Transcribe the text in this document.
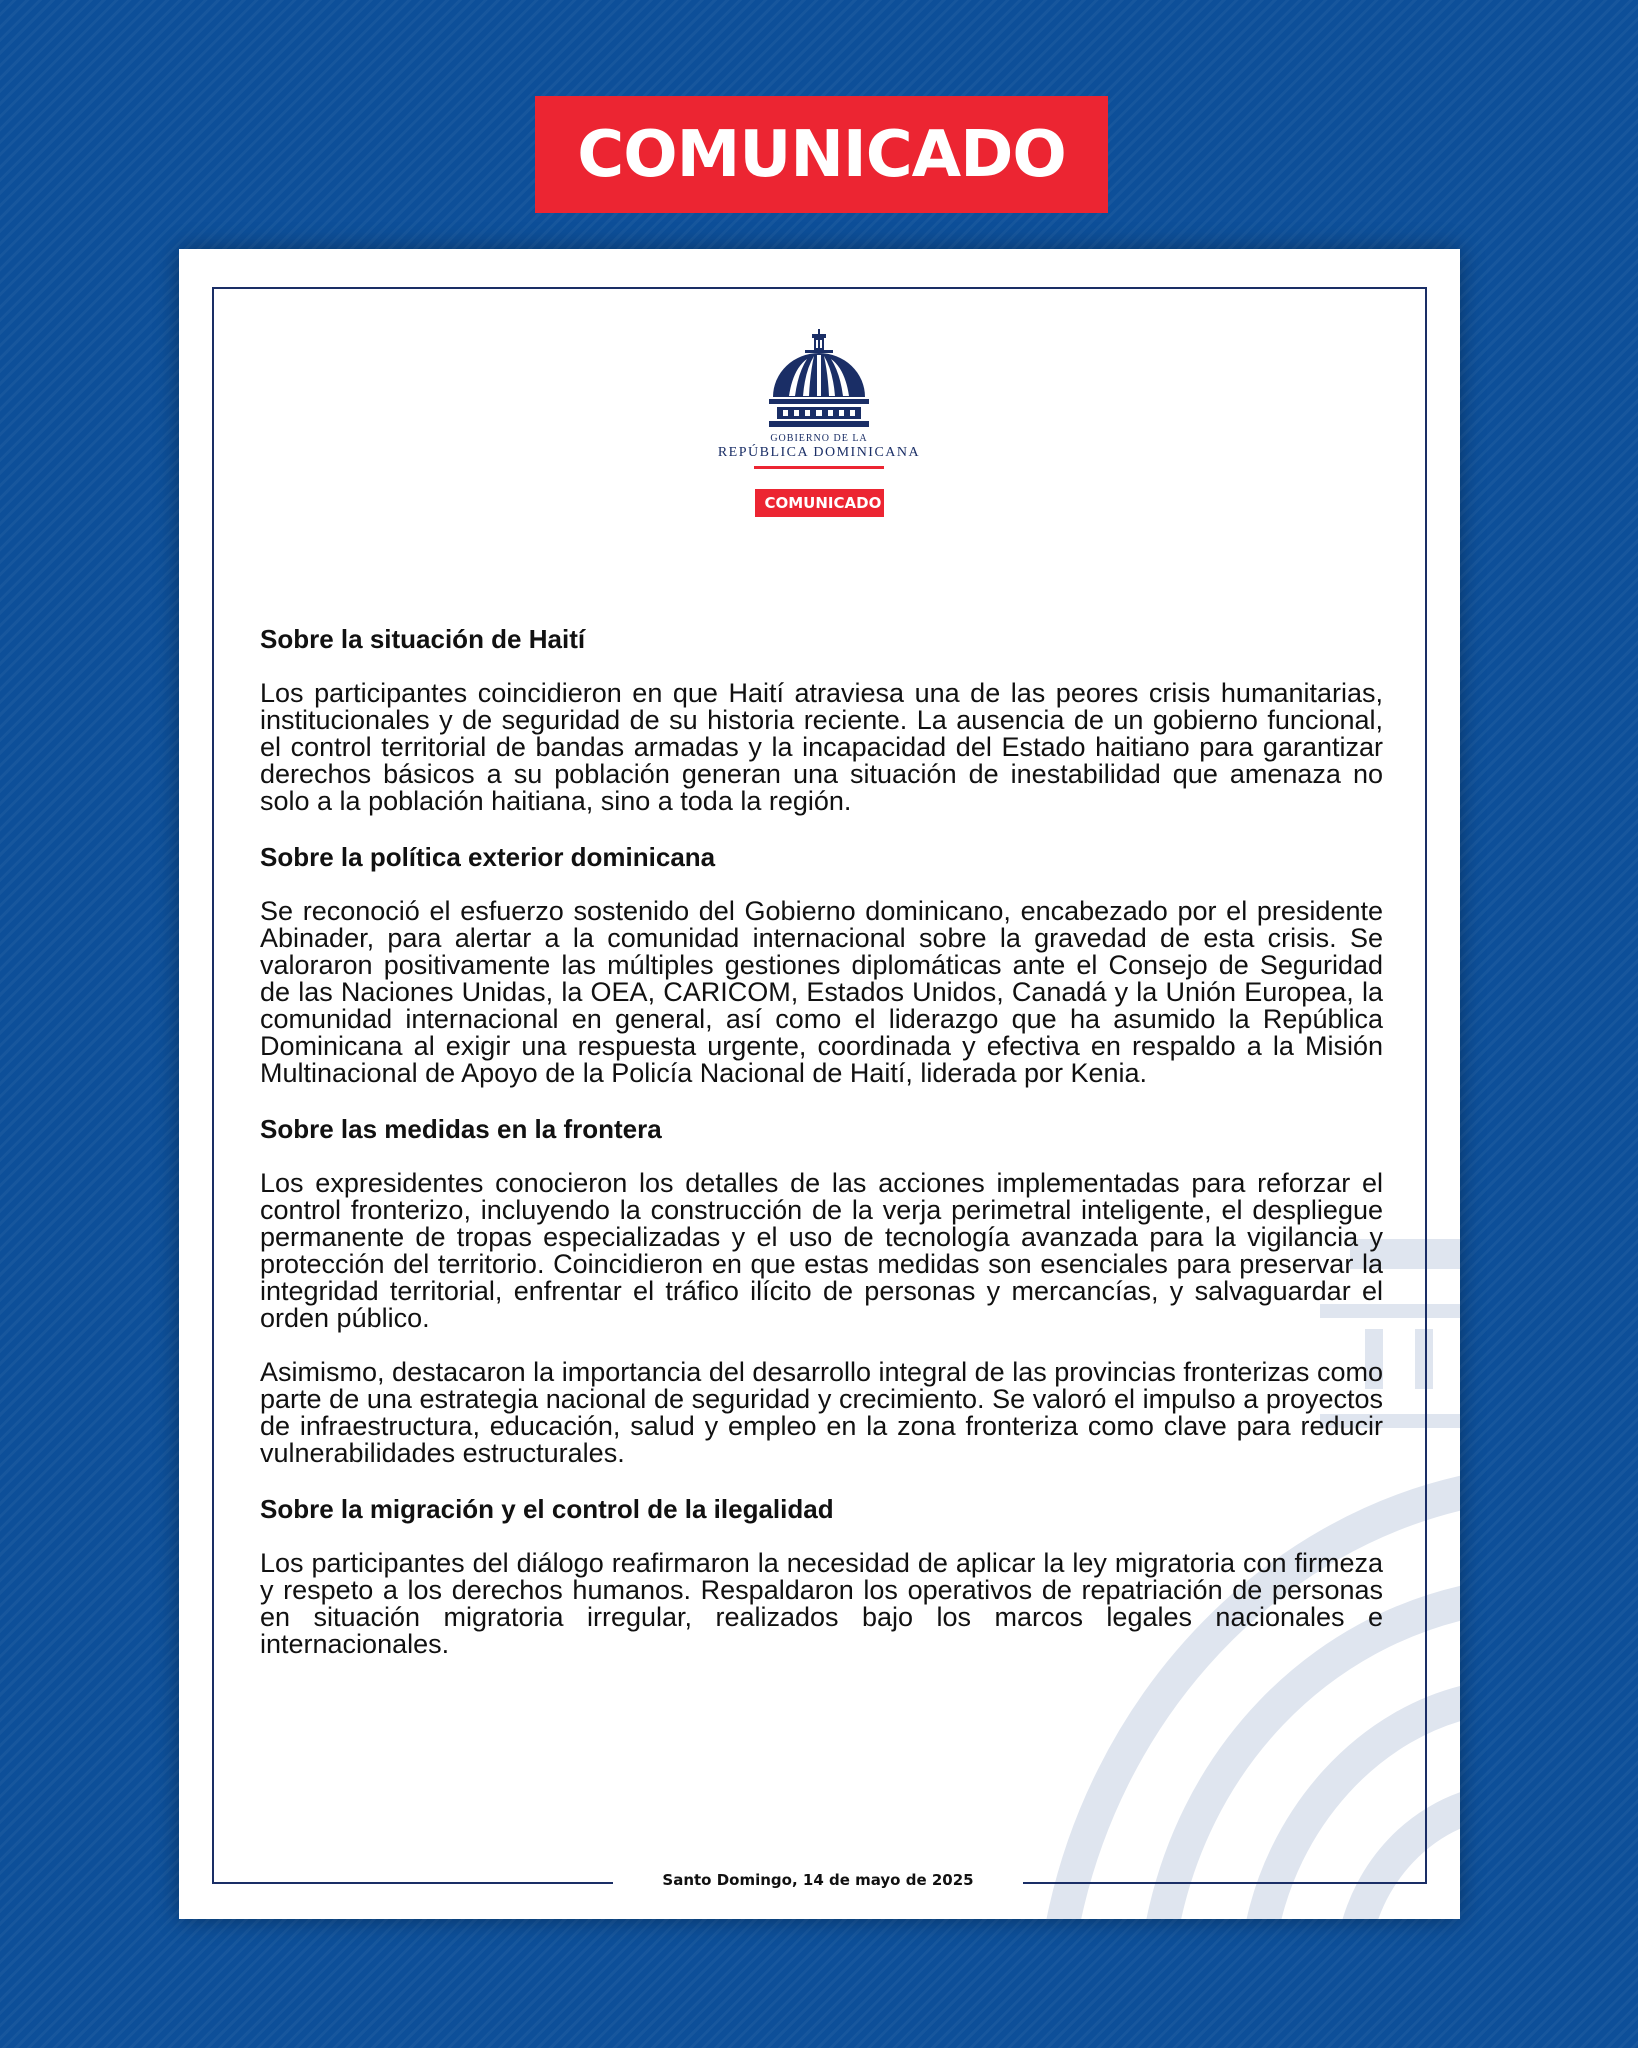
COMUNICADO
GOBIERNO DE LA
REPÚBLICA DOMINICANA
COMUNICADO
Sobre la situación de Haití

Los participantes coincidieron en que Haití atraviesa una de las peores crisis humanitarias, institucionales y de seguridad de su historia reciente. La ausencia de un gobierno funcional, el control territorial de bandas armadas y la incapacidad del Estado haitiano para garantizar derechos básicos a su población generan una situación de inestabilidad que amenaza no solo a la población haitiana, sino a toda la región.

Sobre la política exterior dominicana

Se reconoció el esfuerzo sostenido del Gobierno dominicano, encabezado por el presidente Abinader, para alertar a la comunidad internacional sobre la gravedad de esta crisis. Se valoraron positivamente las múltiples gestiones diplomáticas ante el Consejo de Seguridad de las Naciones Unidas, la OEA, CARICOM, Estados Unidos, Canadá y la Unión Europea, la comunidad internacional en general, así como el liderazgo que ha asumido la República Dominicana al exigir una respuesta urgente, coordinada y efectiva en respaldo a la Misión Multinacional de Apoyo de la Policía Nacional de Haití, liderada por Kenia.

Sobre las medidas en la frontera

Los expresidentes conocieron los detalles de las acciones implementadas para reforzar el control fronterizo, incluyendo la construcción de la verja perimetral inteligente, el despliegue permanente de tropas especializadas y el uso de tecnología avanzada para la vigilancia y protección del territorio. Coincidieron en que estas medidas son esenciales para preservar la integridad territorial, enfrentar el tráfico ilícito de personas y mercancías, y salvaguardar el orden público.

Asimismo, destacaron la importancia del desarrollo integral de las provincias fronterizas como parte de una estrategia nacional de seguridad y crecimiento. Se valoró el impulso a proyectos de infraestructura, educación, salud y empleo en la zona fronteriza como clave para reducir vulnerabilidades estructurales.

Sobre la migración y el control de la ilegalidad

Los participantes del diálogo reafirmaron la necesidad de aplicar la ley migratoria con firmeza y respeto a los derechos humanos. Respaldaron los operativos de repatriación de personas en situación migratoria irregular, realizados bajo los marcos legales nacionales e internacionales.

Santo Domingo, 14 de mayo de 2025
